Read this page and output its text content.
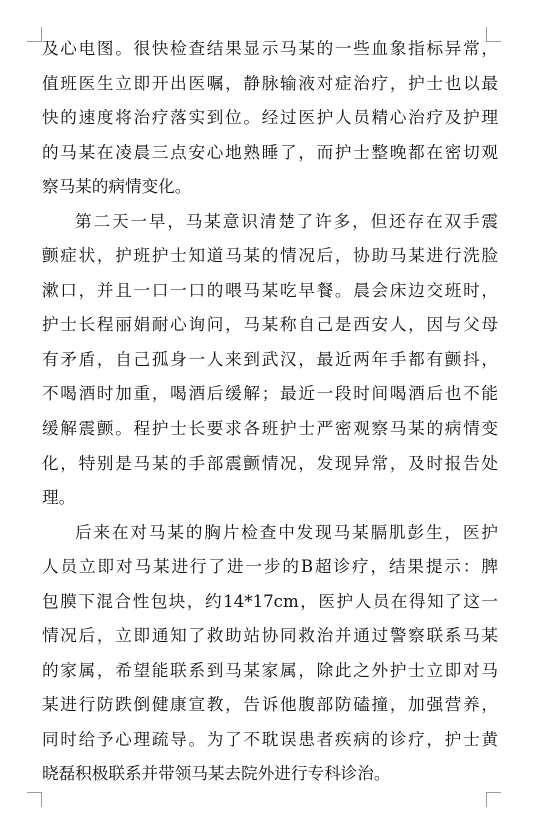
及心电图。很快检查结果显示马某的一些血象指标异常，
值班医生立即开出医嘱，静脉输液对症治疗，护士也以最
快的速度将治疗落实到位。经过医护人员精心治疗及护理
的马某在凌晨三点安心地熟睡了，而护士整晚都在密切观
察马某的病情变化。
第二天一早，马某意识清楚了许多，但还存在双手震
颤症状，护班护士知道马某的情况后，协助马某进行洗脸
漱口，并且一口一口的喂马某吃早餐。晨会床边交班时，
护士长程丽娟耐心询问，马某称自己是西安人，因与父母
有矛盾，自己孤身一人来到武汉，最近两年手都有颤抖，
不喝酒时加重，喝酒后缓解；最近一段时间喝酒后也不能
缓解震颤。程护士长要求各班护士严密观察马某的病情变
化，特别是马某的手部震颤情况，发现异常，及时报告处
理。
后来在对马某的胸片检查中发现马某膈肌彭生，医护
人员立即对马某进行了进一步的B超诊疗，结果提示：脾
包膜下混合性包块，约14*17cm，医护人员在得知了这一
情况后，立即通知了救助站协同救治并通过警察联系马某
的家属，希望能联系到马某家属，除此之外护士立即对马
某进行防跌倒健康宣教，告诉他腹部防磕撞，加强营养，
同时给予心理疏导。为了不耽误患者疾病的诊疗，护士黄
晓磊积极联系并带领马某去院外进行专科诊治。
